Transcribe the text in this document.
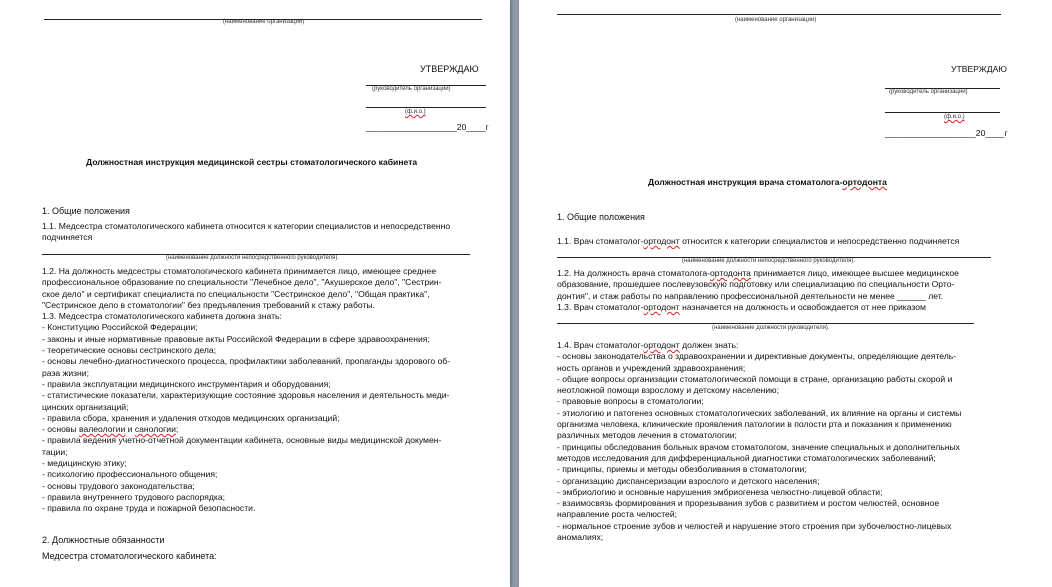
(наименование организации)
УТВЕРЖДАЮ
(руководитель организации)
(ф.и.о.)
___________________20____г
Должностная инструкция медицинской сестры стоматологического кабинета
1. Общие положения
1.1. Медсестра стоматологического кабинета относится к категории специалистов и непосредственно
подчиняется
(наименование должности непосредственного руководителя).
1.2. На должность медсестры стоматологического кабинета принимается лицо, имеющее среднее
профессиональное образование по специальности "Лечебное дело", "Акушерское дело", "Сестрин-
ское дело" и сертификат специалиста по специальности "Сестринское дело", "Общая практика",
"Сестринское дело в стоматологии" без предъявления требований к стажу работы.
1.3. Медсестра стоматологического кабинета должна знать:
- Конституцию Российской Федерации;
- законы и иные нормативные правовые акты Российской Федерации в сфере здравоохранения;
- теоретические основы сестринского дела;
- основы лечебно-диагностического процесса, профилактики заболеваний, пропаганды здорового об-
раза жизни;
- правила эксплуатации медицинского инструментария и оборудования;
- статистические показатели, характеризующие состояние здоровья населения и деятельность меди-
цинских организаций;
- правила сбора, хранения и удаления отходов медицинских организаций;
- основы валеологии и санологии;
- правила ведения учетно-отчетной документации кабинета, основные виды медицинской докумен-
тации;
- медицинскую этику;
- психологию профессионального общения;
- основы трудового законодательства;
- правила внутреннего трудового распорядка;
- правила по охране труда и пожарной безопасности.
2. Должностные обязанности
Медсестра стоматологического кабинета:
(наименование организации)
УТВЕРЖДАЮ
(руководитель организации)
(ф.и.о.)
___________________20____г
Должностная инструкция врача стоматолога-ортодонта
1. Общие положения
1.1. Врач стоматолог-ортодонт относится к категории специалистов и непосредственно подчиняется
(наименование должности непосредственного руководителя).
1.2. На должность врача стоматолога-ортодонта принимается лицо, имеющее высшее медицинское
образование, прошедшее послевузовскую подготовку или специализацию по специальности Орто-
донтия", и стаж работы по направлению профессиональной деятельности не менее ______ лет.
1.3. Врач стоматолог-ортодонт назначается на должность и освобождается от нее приказом
(наименование должности руководителя).
1.4. Врач стоматолог-ортодонт должен знать:
- основы законодательства о здравоохранении и директивные документы, определяющие деятель-
ность органов и учреждений здравоохранения;
- общие вопросы организации стоматологической помощи в стране, организацию работы скорой и
неотложной помощи взрослому и детскому населению;
- правовые вопросы в стоматологии;
- этиологию и патогенез основных стоматологических заболеваний, их влияние на органы и системы
организма человека, клинические проявления патологии в полости рта и показания к применению
различных методов лечения в стоматологии;
- принципы обследования больных врачом стоматологом, значение специальных и дополнительных
методов исследования для дифференциальной диагностики стоматологических заболеваний;
- принципы, приемы и методы обезболивания в стоматологии;
- организацию диспансеризации взрослого и детского населения;
- эмбриологию и основные нарушения эмбриогенеза челюстно-лицевой области;
- взаимосвязь формирования и прорезывания зубов с развитием и ростом челюстей, основное
направление роста челюстей;
- нормальное строение зубов и челюстей и нарушение этого строения при зубочелюстно-лицевых
аномалиях;
